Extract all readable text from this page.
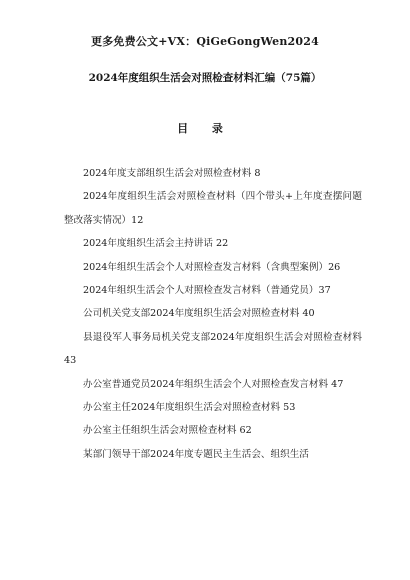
更多免费公文+VX：QiGeGongWen2024
2024年度组织生活会对照检查材料汇编（75篇）
目 录

2024年度支部组织生活会对照检查材料 8

2024年度组织生活会对照检查材料（四个带头+上年度查摆问题整改落实情况）12

2024年度组织生活会主持讲话 22

2024年组织生活会个人对照检查发言材料（含典型案例）26

2024年组织生活会个人对照检查发言材料（普通党员）37

公司机关党支部2024年度组织生活会对照检查材料 40

县退役军人事务局机关党支部2024年度组织生活会对照检查材料 43

办公室普通党员2024年组织生活会个人对照检查发言材料 47

办公室主任2024年度组织生活会对照检查材料 53

办公室主任组织生活会对照检查材料 62

某部门领导干部2024年度专题民主生活会、组织生活
